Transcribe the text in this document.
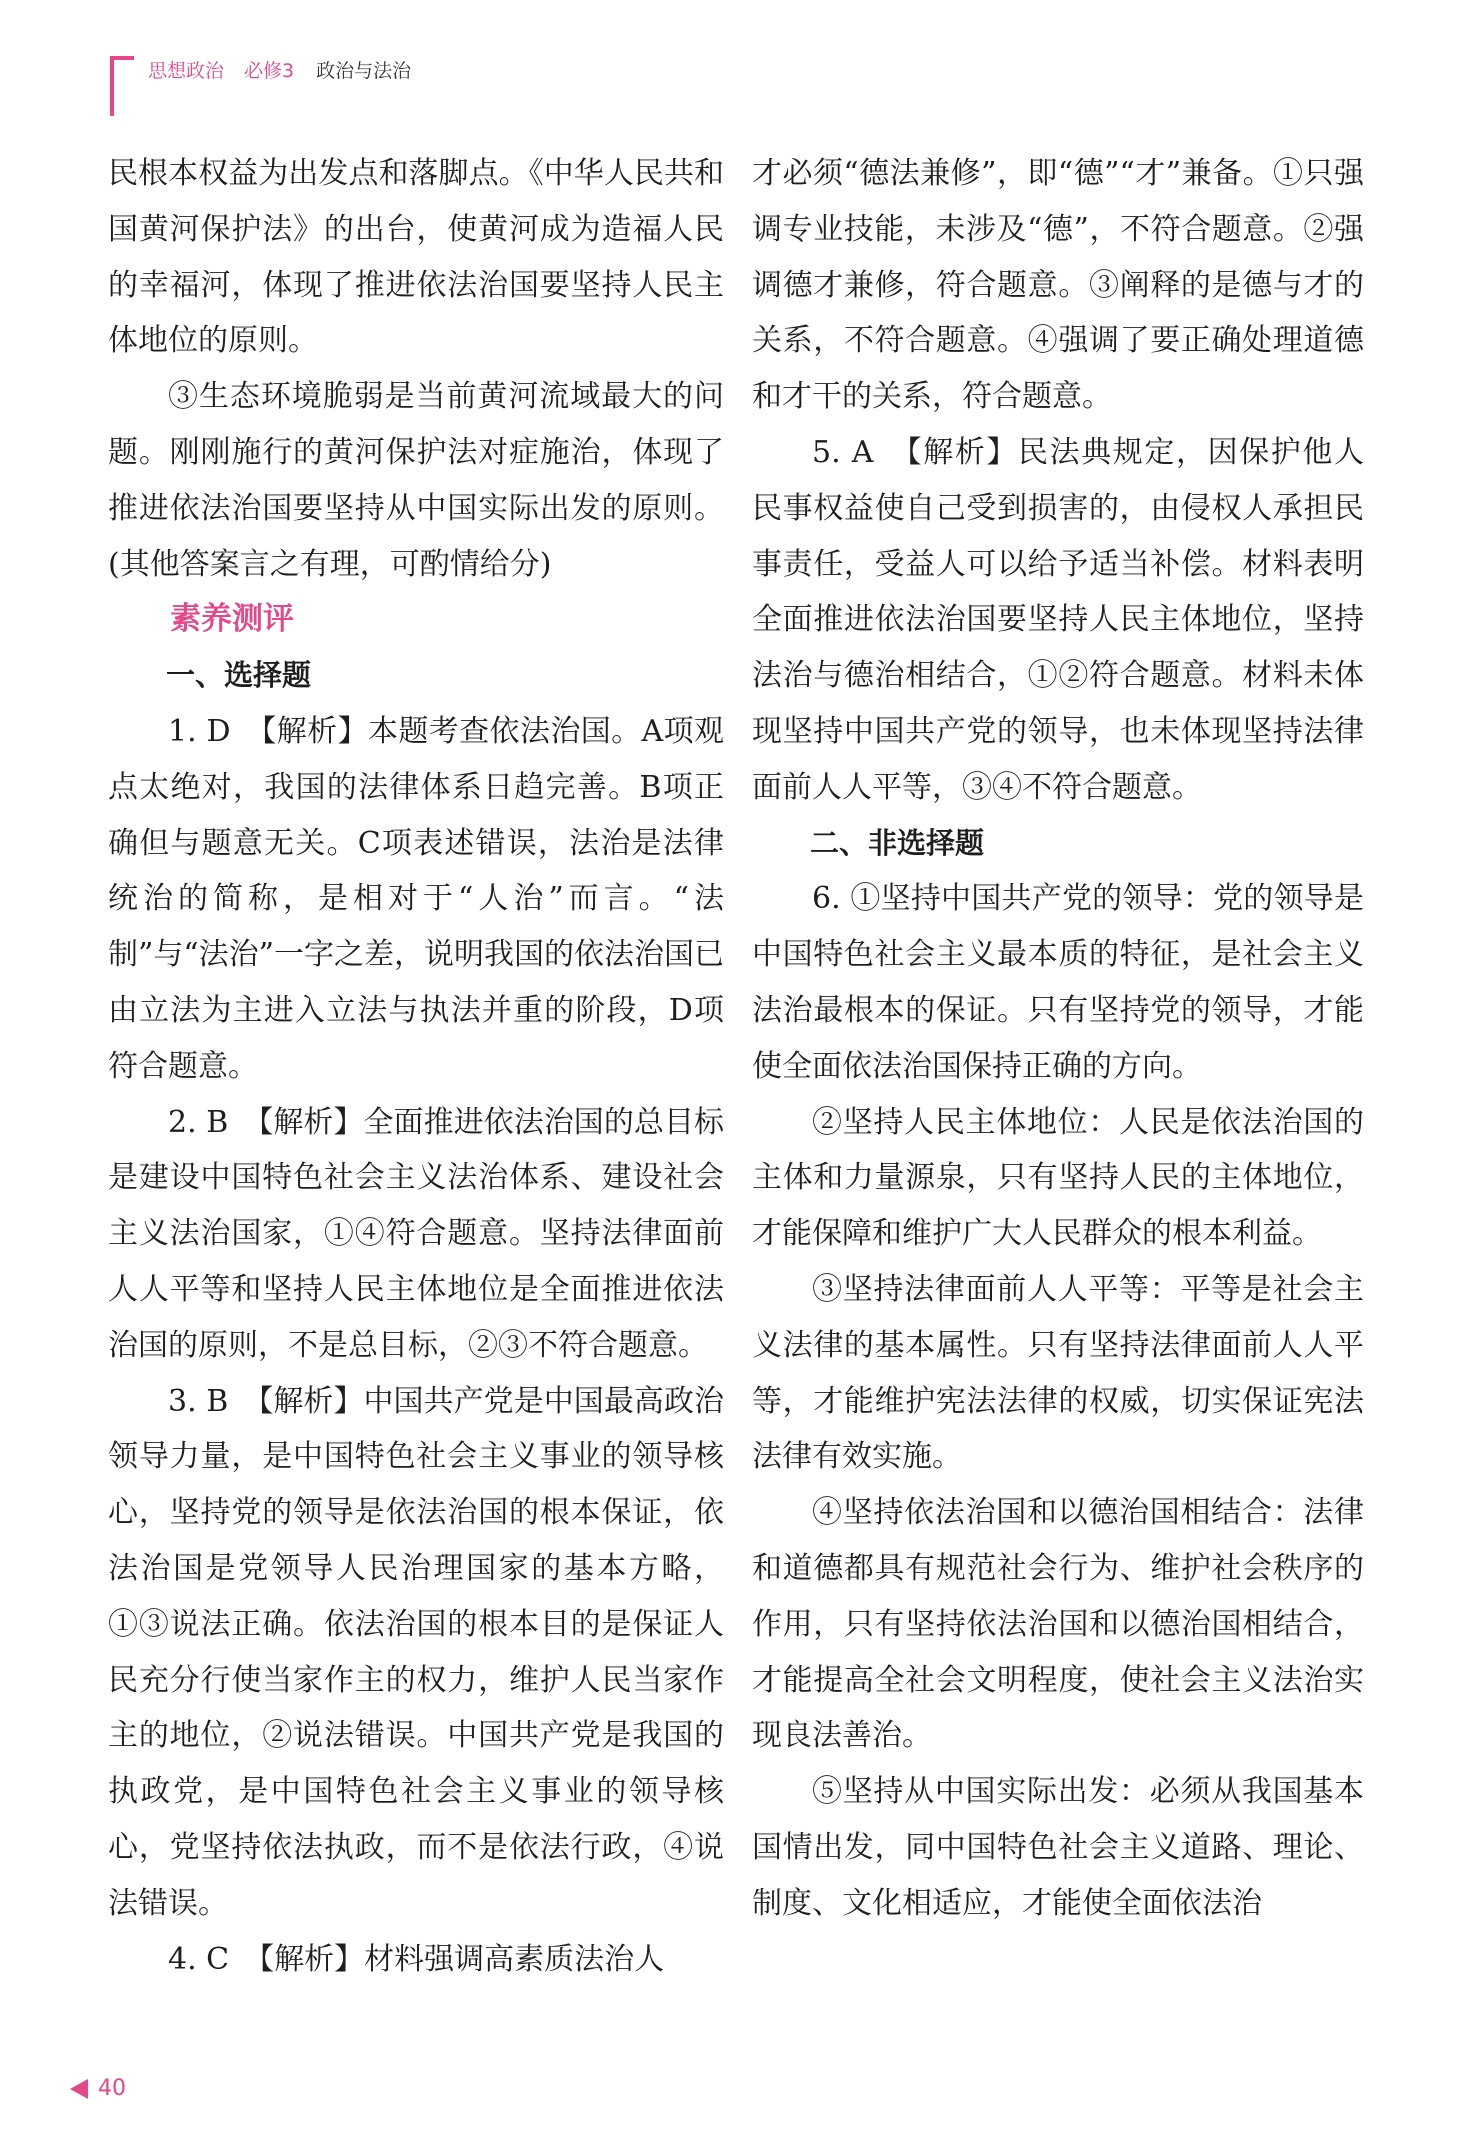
思想政治 必修3 政治与法治

民根本权益为出发点和落脚点。《中华人民共和国黄河保护法》的出台，使黄河成为造福人民的幸福河，体现了推进依法治国要坚持人民主体地位的原则。

③生态环境脆弱是当前黄河流域最大的问题。刚刚施行的黄河保护法对症施治，体现了推进依法治国要坚持从中国实际出发的原则。(其他答案言之有理，可酌情给分)

素养测评

一、选择题

1. D　【解析】本题考查依法治国。A项观点太绝对，我国的法律体系日趋完善。B项正确但与题意无关。C项表述错误，法治是法律统治的简称，是相对于“人治”而言。“法制”与“法治”一字之差，说明我国的依法治国已由立法为主进入立法与执法并重的阶段，D项符合题意。

2. B　【解析】全面推进依法治国的总目标是建设中国特色社会主义法治体系、建设社会主义法治国家，①④符合题意。坚持法律面前人人平等和坚持人民主体地位是全面推进依法治国的原则，不是总目标，②③不符合题意。

3. B　【解析】中国共产党是中国最高政治领导力量，是中国特色社会主义事业的领导核心，坚持党的领导是依法治国的根本保证，依法治国是党领导人民治理国家的基本方略，①③说法正确。依法治国的根本目的是保证人民充分行使当家作主的权力，维护人民当家作主的地位，②说法错误。中国共产党是我国的执政党，是中国特色社会主义事业的领导核心，党坚持依法执政，而不是依法行政，④说法错误。

4. C　【解析】材料强调高素质法治人

才必须“德法兼修”，即“德”“才”兼备。①只强调专业技能，未涉及“德”，不符合题意。②强调德才兼修，符合题意。③阐释的是德与才的关系，不符合题意。④强调了要正确处理道德和才干的关系，符合题意。

5. A　【解析】民法典规定，因保护他人民事权益使自己受到损害的，由侵权人承担民事责任，受益人可以给予适当补偿。材料表明全面推进依法治国要坚持人民主体地位，坚持法治与德治相结合，①②符合题意。材料未体现坚持中国共产党的领导，也未体现坚持法律面前人人平等，③④不符合题意。

二、非选择题

6. ①坚持中国共产党的领导：党的领导是中国特色社会主义最本质的特征，是社会主义法治最根本的保证。只有坚持党的领导，才能使全面依法治国保持正确的方向。

②坚持人民主体地位：人民是依法治国的主体和力量源泉，只有坚持人民的主体地位，才能保障和维护广大人民群众的根本利益。

③坚持法律面前人人平等：平等是社会主义法律的基本属性。只有坚持法律面前人人平等，才能维护宪法法律的权威，切实保证宪法法律有效实施。

④坚持依法治国和以德治国相结合：法律和道德都具有规范社会行为、维护社会秩序的作用，只有坚持依法治国和以德治国相结合，才能提高全社会文明程度，使社会主义法治实现良法善治。

⑤坚持从中国实际出发：必须从我国基本国情出发，同中国特色社会主义道路、理论、制度、文化相适应，才能使全面依法治

40
